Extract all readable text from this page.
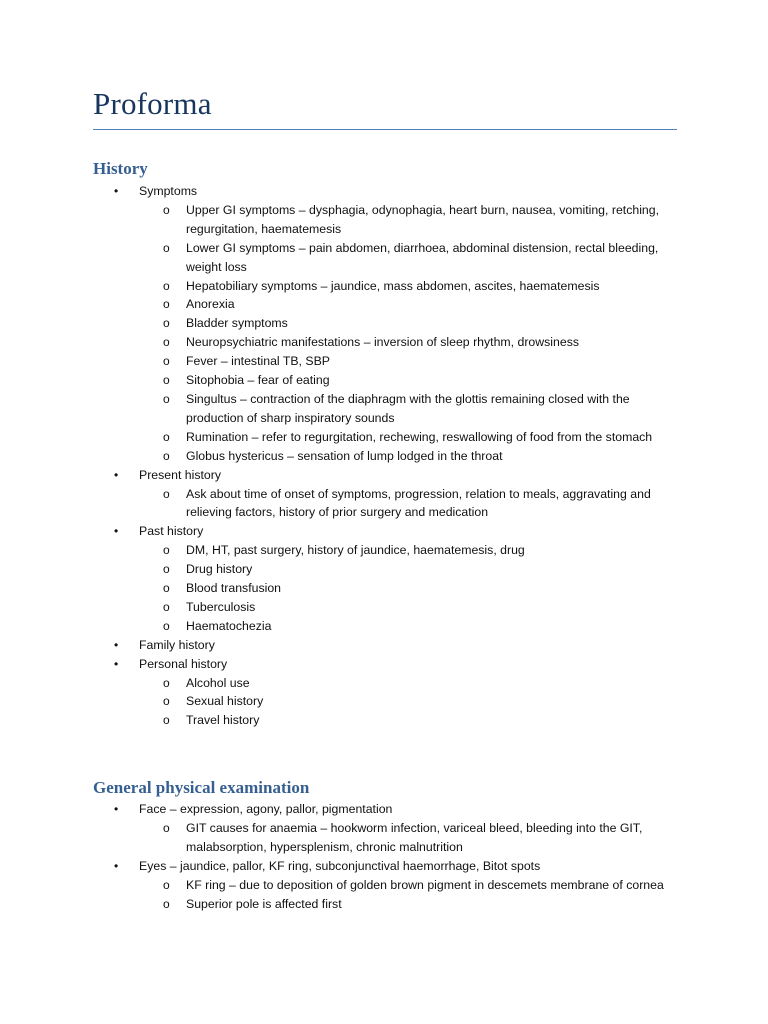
Proforma
History
• Symptoms
o Upper GI symptoms – dysphagia, odynophagia, heart burn, nausea, vomiting, retching, regurgitation, haematemesis
o Lower GI symptoms – pain abdomen, diarrhoea, abdominal distension, rectal bleeding, weight loss
o Hepatobiliary symptoms – jaundice, mass abdomen, ascites, haematemesis
o Anorexia
o Bladder symptoms
o Neuropsychiatric manifestations – inversion of sleep rhythm, drowsiness
o Fever – intestinal TB, SBP
o Sitophobia – fear of eating
o Singultus – contraction of the diaphragm with the glottis remaining closed with the production of sharp inspiratory sounds
o Rumination – refer to regurgitation, rechewing, reswallowing of food from the stomach
o Globus hystericus – sensation of lump lodged in the throat
• Present history
o Ask about time of onset of symptoms, progression, relation to meals, aggravating and relieving factors, history of prior surgery and medication
• Past history
o DM, HT, past surgery, history of jaundice, haematemesis, drug
o Drug history
o Blood transfusion
o Tuberculosis
o Haematochezia
• Family history
• Personal history
o Alcohol use
o Sexual history
o Travel history
General physical examination
• Face – expression, agony, pallor, pigmentation
o GIT causes for anaemia – hookworm infection, variceal bleed, bleeding into the GIT, malabsorption, hypersplenism, chronic malnutrition
• Eyes – jaundice, pallor, KF ring, subconjunctival haemorrhage, Bitot spots
o KF ring – due to deposition of golden brown pigment in descemets membrane of cornea
o Superior pole is affected first
